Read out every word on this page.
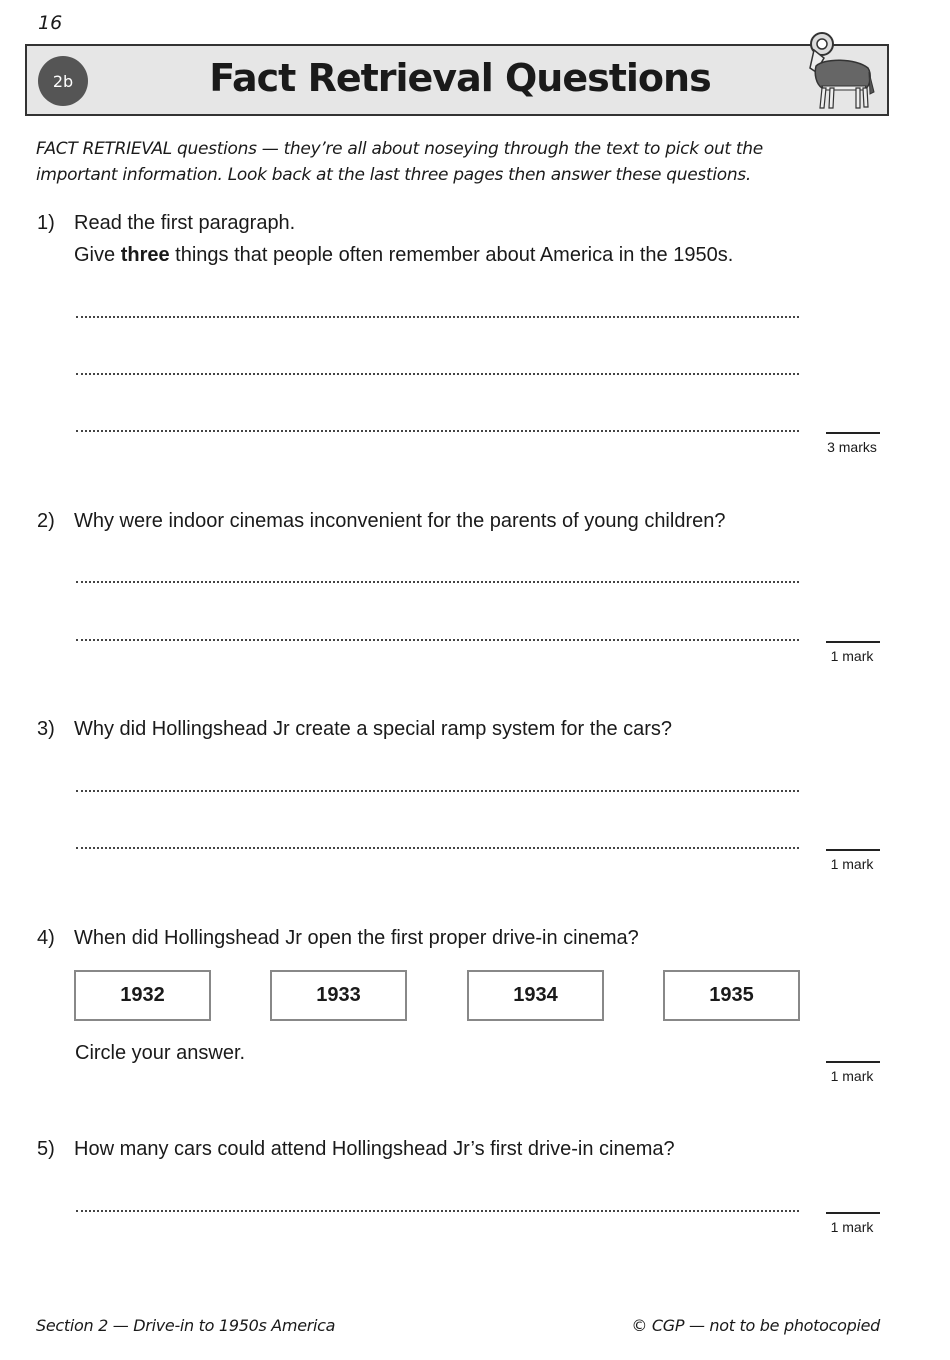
16
2b	Fact Retrieval Questions
FACT RETRIEVAL questions — they’re all about noseying through the text to pick out the
important information. Look back at the last three pages then answer these questions.
1) Read the first paragraph.
Give three things that people often remember about America in the 1950s.
3 marks
2) Why were indoor cinemas inconvenient for the parents of young children?
1 mark
3) Why did Hollingshead Jr create a special ramp system for the cars?
1 mark
4) When did Hollingshead Jr open the first proper drive-in cinema?
1932	1933	1934	1935
Circle your answer.
1 mark
5) How many cars could attend Hollingshead Jr’s first drive-in cinema?
1 mark
Section 2 — Drive-in to 1950s America	© CGP — not to be photocopied
